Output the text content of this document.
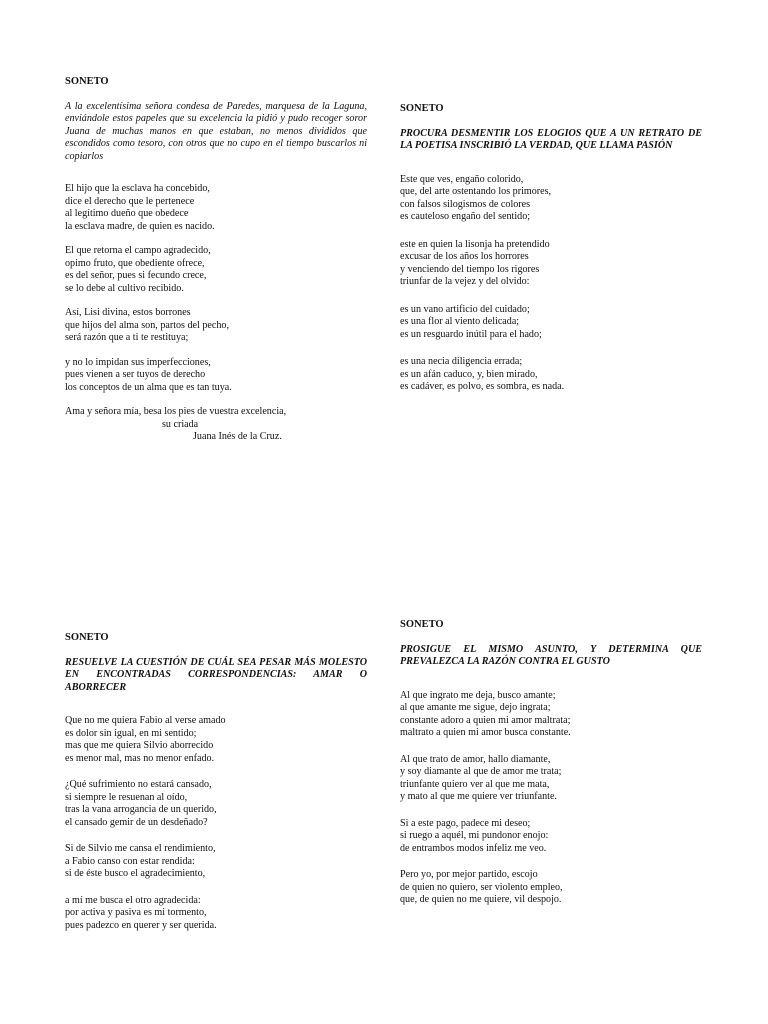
SONETO
A la excelentísima señora condesa de Paredes, marquesa de la Laguna, enviándole estos papeles que su excelencia la pidió y pudo recoger soror Juana de muchas manos en que estaban, no menos divididos que escondidos como tesoro, con otros que no cupo en el tiempo buscarlos ni copiarlos
El hijo que la esclava ha concebido,
dice el derecho que le pertenece
al legítimo dueño que obedece
la esclava madre, de quien es nacido.
El que retorna el campo agradecido,
opimo fruto, que obediente ofrece,
es del señor, pues si fecundo crece,
se lo debe al cultivo recibido.
Así, Lisi divina, estos borrones
que hijos del alma son, partos del pecho,
será razón que a ti te restituya;
y no lo impidan sus imperfecciones,
pues vienen a ser tuyos de derecho
los conceptos de un alma que es tan tuya.
Ama y señora mía, besa los pies de vuestra excelencia,
su criada
Juana Inés de la Cruz.
SONETO
PROCURA DESMENTIR LOS ELOGIOS QUE A UN RETRATO DE LA POETISA INSCRIBIÓ LA VERDAD, QUE LLAMA PASIÓN
Este que ves, engaño colorido,
que, del arte ostentando los primores,
con falsos silogismos de colores
es cauteloso engaño del sentido;
este en quien la lisonja ha pretendido
excusar de los años los horrores
y venciendo del tiempo los rigores
triunfar de la vejez y del olvido:
es un vano artificio del cuidado;
es una flor al viento delicada;
es un resguardo inútil para el hado;
es una necia diligencia errada;
es un afán caduco, y, bien mirado,
es cadáver, es polvo, es sombra, es nada.
SONETO
RESUELVE LA CUESTIÓN DE CUÁL SEA PESAR MÁS MOLESTO EN ENCONTRADAS CORRESPONDENCIAS: AMAR O ABORRECER
Que no me quiera Fabio al verse amado
es dolor sin igual, en mi sentido;
mas que me quiera Silvio aborrecido
es menor mal, mas no menor enfado.
¿Qué sufrimiento no estará cansado,
si siempre le resuenan al oído,
tras la vana arrogancia de un querido,
el cansado gemir de un desdeñado?
Si de Silvio me cansa el rendimiento,
a Fabio canso con estar rendida:
si de éste busco el agradecimiento,
a mí me busca el otro agradecida:
por activa y pasiva es mi tormento,
pues padezco en querer y ser querida.
SONETO
PROSIGUE EL MISMO ASUNTO, Y DETERMINA QUE PREVALEZCA LA RAZÓN CONTRA EL GUSTO
Al que ingrato me deja, busco amante;
al que amante me sigue, dejo ingrata;
constante adoro a quien mi amor maltrata;
maltrato a quien mi amor busca constante.
Al que trato de amor, hallo diamante,
y soy diamante al que de amor me trata;
triunfante quiero ver al que me mata,
y mato al que me quiere ver triunfante.
Si a este pago, padece mi deseo;
si ruego a aquél, mi pundonor enojo:
de entrambos modos infeliz me veo.
Pero yo, por mejor partido, escojo
de quien no quiero, ser violento empleo,
que, de quien no me quiere, vil despojo.
